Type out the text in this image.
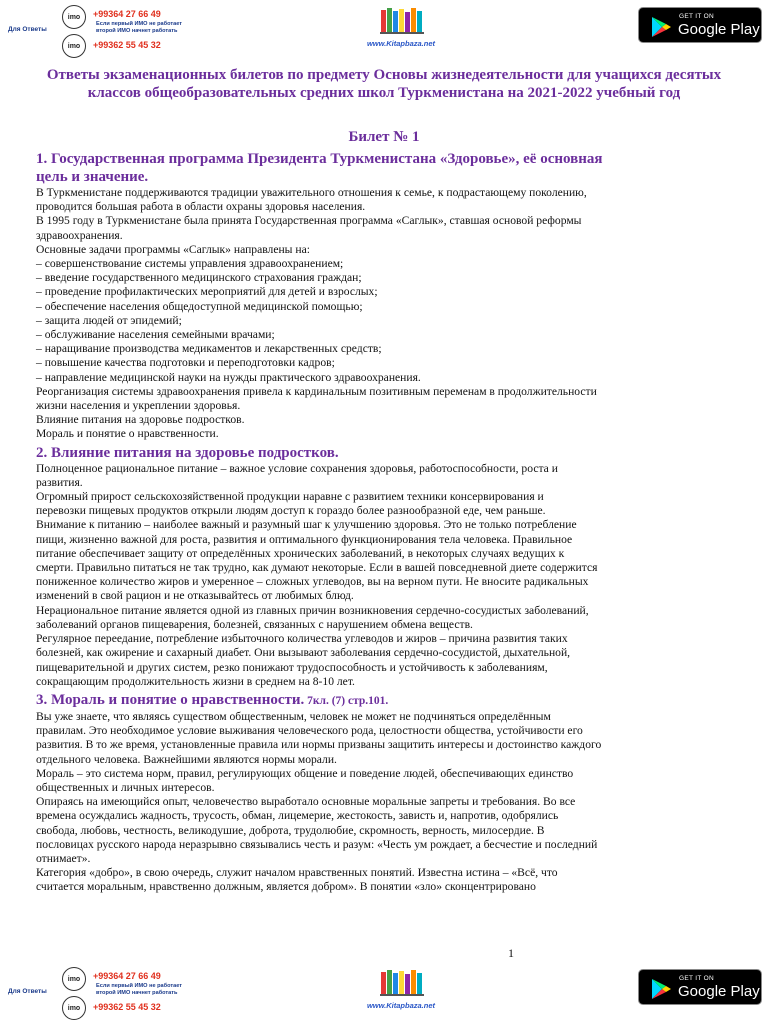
Для Ответы
imo	+99364 27 66 49
Если первый ИМО не работает
второй ИМО начнет работать
imo	+99362 55 45 32	www.Kitapbaza.net
GET IT ON
Google Play
Ответы экзаменационных билетов по предмету Основы жизнедеятельности для учащихся десятых классов общеобразовательных средних школ Туркменистана на 2021-2022 учебный год
Билет № 1
1. Государственная программа Президента Туркменистана «Здоровье», её основная
цель и значение.

В Туркменистане поддерживаются традиции уважительного отношения к семье, к подрастающему поколению,

проводится большая работа в области охраны здоровья населения.

В 1995 году в Туркменистане была принята Государственная программа «Саглык», ставшая основой реформы

здравоохранения.

Основные задачи программы «Саглык» направлены на:

– совершенствование системы управления здравоохранением;

– введение государственного медицинского страхования граждан;

– проведение профилактических мероприятий для детей и взрослых;

– обеспечение населения общедоступной медицинской помощью;

– защита людей от эпидемий;

– обслуживание населения семейными врачами;

– наращивание производства медикаментов и лекарственных средств;

– повышение качества подготовки и переподготовки кадров;

– направление медицинской науки на нужды практического здравоохранения.

Реорганизация системы здравоохранения привела к кардинальным позитивным переменам в продолжительности

жизни населения и укреплении здоровья.

Влияние питания на здоровье подростков.

Мораль и понятие о нравственности.

2. Влияние питания на здоровье подростков.

Полноценное рациональное питание – важное условие сохранения здоровья, работоспособности, роста и

развития.

Огромный прирост сельскохозяйственной продукции наравне с развитием техники консервирования и

перевозки пищевых продуктов открыли людям доступ к гораздо более разнообразной еде, чем раньше.

Внимание к питанию – наиболее важный и разумный шаг к улучшению здоровья. Это не только потребление

пищи, жизненно важной для роста, развития и оптимального функционирования тела человека. Правильное

питание обеспечивает защиту от определённых хронических заболеваний, в некоторых случаях ведущих к

смерти. Правильно питаться не так трудно, как думают некоторые. Если в вашей повседневной диете содержится

пониженное количество жиров и умеренное – сложных углеводов, вы на верном пути. Не вносите радикальных

изменений в свой рацион и не отказывайтесь от любимых блюд.

Нерациональное питание является одной из главных причин возникновения сердечно-сосудистых заболеваний,

заболеваний органов пищеварения, болезней, связанных с нарушением обмена веществ.

Регулярное переедание, потребление избыточного количества углеводов и жиров – причина развития таких

болезней, как ожирение и сахарный диабет. Они вызывают заболевания сердечно-сосудистой, дыхательной,

пищеварительной и других систем, резко понижают трудоспособность и устойчивость к заболеваниям,

сокращающим продолжительность жизни в среднем на 8-10 лет.

3. Мораль и понятие о нравственности. 7кл. (7) стр.101.

Вы уже знаете, что являясь существом общественным, человек не может не подчиняться определённым

правилам. Это необходимое условие выживания человеческого рода, целостности общества, устойчивости его

развития. В то же время, установленные правила или нормы призваны защитить интересы и достоинство каждого

отдельного человека. Важнейшими являются нормы морали.

Мораль – это система норм, правил, регулирующих общение и поведение людей, обеспечивающих единство

общественных и личных интересов.

Опираясь на имеющийся опыт, человечество выработало основные моральные запреты и требования. Во все

времена осуждались жадность, трусость, обман, лицемерие, жестокость, зависть и, напротив, одобрялись

свобода, любовь, честность, великодушие, доброта, трудолюбие, скромность, верность, милосердие. В

пословицах русского народа неразрывно связывались честь и разум: «Честь ум рождает, а бесчестие и последний

отнимает».

Категория «добро», в свою очередь, служит началом нравственных понятий. Известна истина – «Всё, что

считается моральным, нравственно должным, является добром». В понятии «зло» сконцентрировано

1
Для Ответы
imo	+99364 27 66 49
Если первый ИМО не работает
второй ИМО начнет работать
imo	+99362 55 45 32	www.Kitapbaza.net
GET IT ON
Google Play
